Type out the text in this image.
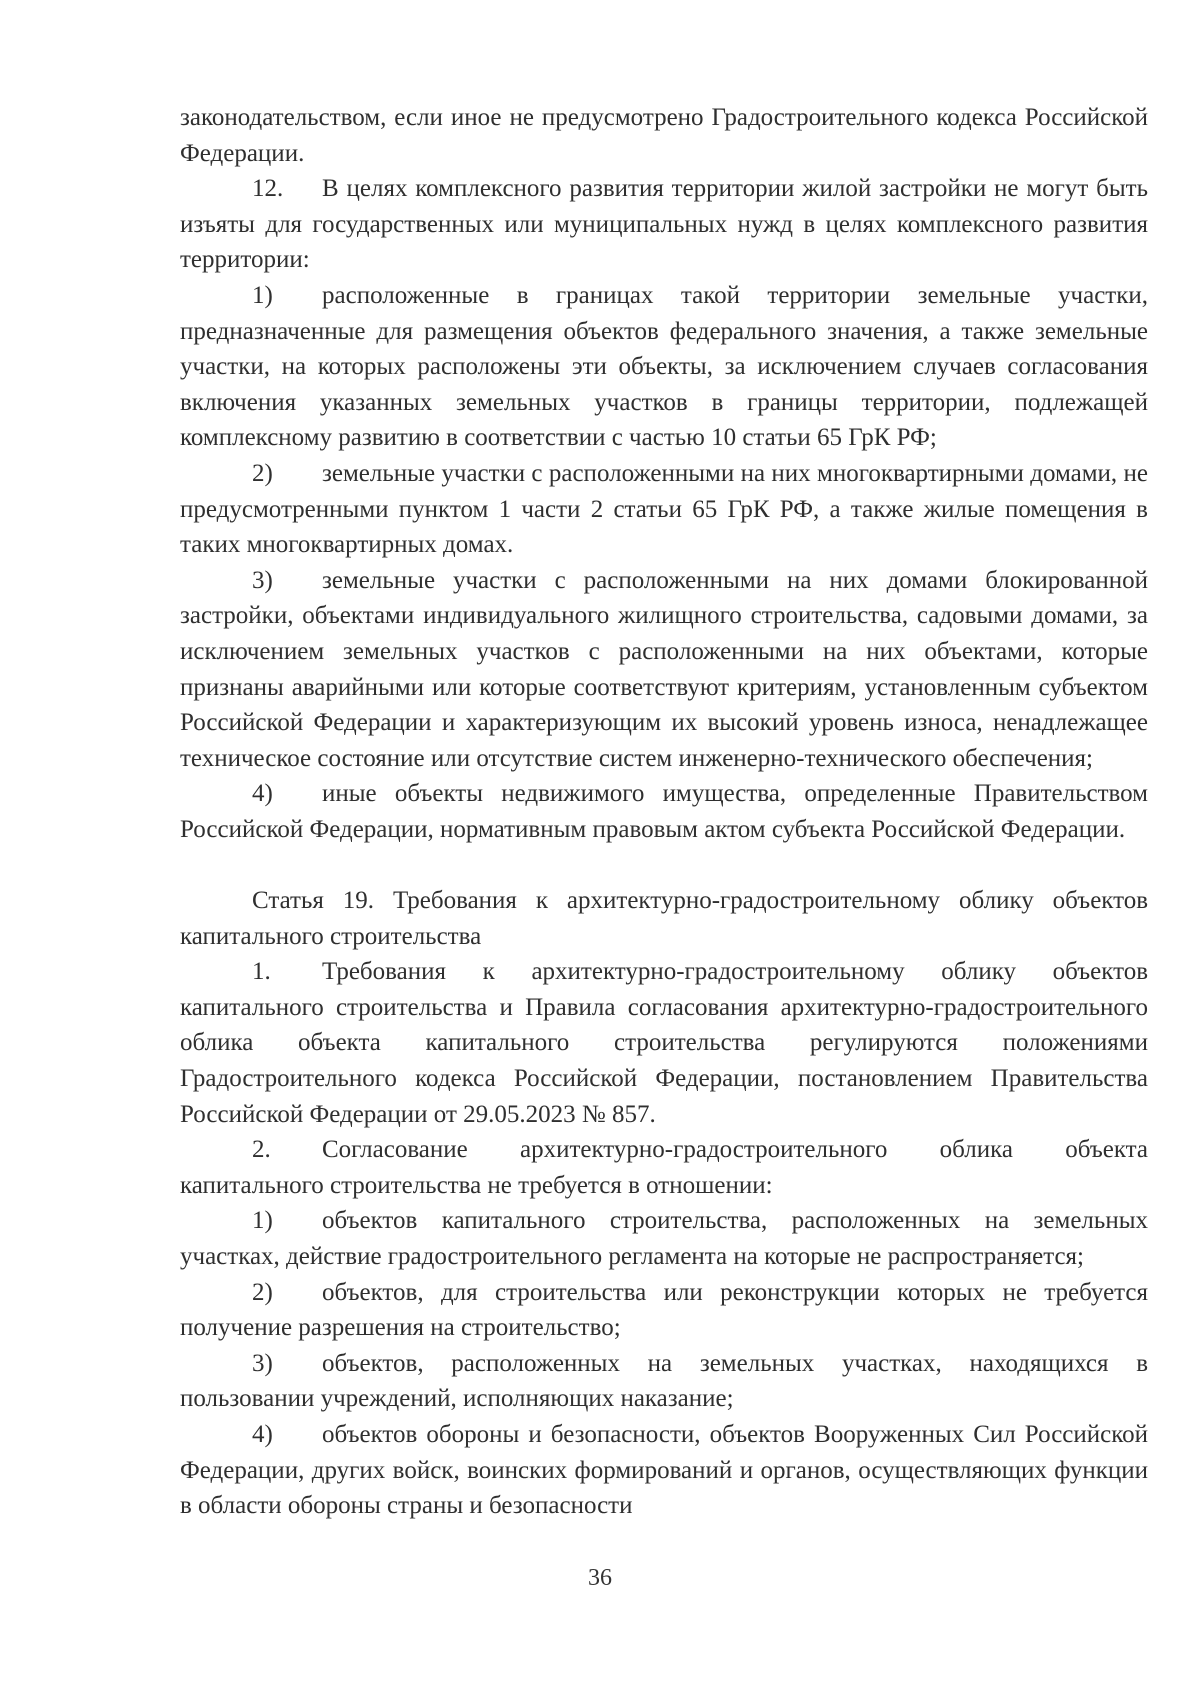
законодательством, если иное не предусмотрено Градостроительного кодекса Российской Федерации.

12. В целях комплексного развития территории жилой застройки не могут быть изъяты для государственных или муниципальных нужд в целях комплексного развития территории:

1) расположенные в границах такой территории земельные участки, предназначенные для размещения объектов федерального значения, а также земельные участки, на которых расположены эти объекты, за исключением случаев согласования включения указанных земельных участков в границы территории, подлежащей комплексному развитию в соответствии с частью 10 статьи 65 ГрК РФ;

2) земельные участки с расположенными на них многоквартирными домами, не предусмотренными пунктом 1 части 2 статьи 65 ГрК РФ, а также жилые помещения в таких многоквартирных домах.

3) земельные участки с расположенными на них домами блокированной застройки, объектами индивидуального жилищного строительства, садовыми домами, за исключением земельных участков с расположенными на них объектами, которые признаны аварийными или которые соответствуют критериям, установленным субъектом Российской Федерации и характеризующим их высокий уровень износа, ненадлежащее техническое состояние или отсутствие систем инженерно-технического обеспечения;

4) иные объекты недвижимого имущества, определенные Правительством Российской Федерации, нормативным правовым актом субъекта Российской Федерации.

Статья 19. Требования к архитектурно-градостроительному облику объектов капитального строительства

1. Требования к архитектурно-градостроительному облику объектов капитального строительства и Правила согласования архитектурно-градостроительного облика объекта капитального строительства регулируются положениями Градостроительного кодекса Российской Федерации, постановлением Правительства Российской Федерации от 29.05.2023 № 857.

2. Согласование архитектурно-градостроительного облика объекта капитального строительства не требуется в отношении:

1) объектов капитального строительства, расположенных на земельных участках, действие градостроительного регламента на которые не распространяется;

2) объектов, для строительства или реконструкции которых не требуется получение разрешения на строительство;

3) объектов, расположенных на земельных участках, находящихся в пользовании учреждений, исполняющих наказание;

4) объектов обороны и безопасности, объектов Вооруженных Сил Российской Федерации, других войск, воинских формирований и органов, осуществляющих функции в области обороны страны и безопасности

36
